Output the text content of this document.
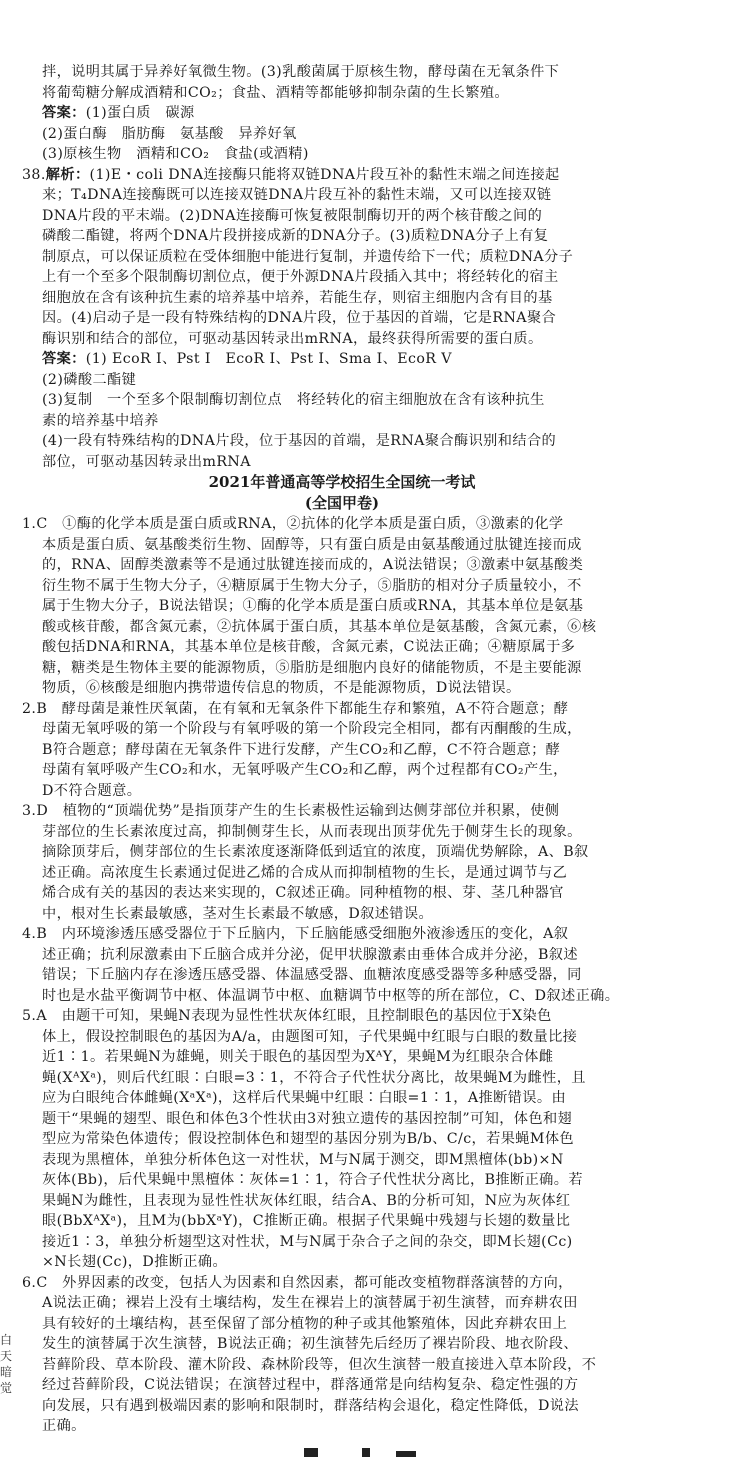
拌，说明其属于异养好氧微生物。(3)乳酸菌属于原核生物，酵母菌在无氧条件下
将葡萄糖分解成酒精和CO₂；食盐、酒精等都能够抑制杂菌的生长繁殖。
答案：(1)蛋白质　碳源
(2)蛋白酶　脂肪酶　氨基酸　异养好氧
(3)原核生物　酒精和CO₂　食盐(或酒精)
38.解析：(1)E・coli DNA连接酶只能将双链DNA片段互补的黏性末端之间连接起
来；T₄DNA连接酶既可以连接双链DNA片段互补的黏性末端，又可以连接双链
DNA片段的平末端。(2)DNA连接酶可恢复被限制酶切开的两个核苷酸之间的
磷酸二酯键，将两个DNA片段拼接成新的DNA分子。(3)质粒DNA分子上有复
制原点，可以保证质粒在受体细胞中能进行复制，并遗传给下一代；质粒DNA分子
上有一个至多个限制酶切割位点，便于外源DNA片段插入其中；将经转化的宿主
细胞放在含有该种抗生素的培养基中培养，若能生存，则宿主细胞内含有目的基
因。(4)启动子是一段有特殊结构的DNA片段，位于基因的首端，它是RNA聚合
酶识别和结合的部位，可驱动基因转录出mRNA，最终获得所需要的蛋白质。
答案：(1) EcoR Ⅰ、Pst Ⅰ　EcoR Ⅰ、Pst Ⅰ、Sma Ⅰ、EcoR Ⅴ
(2)磷酸二酯键
(3)复制　一个至多个限制酶切割位点　将经转化的宿主细胞放在含有该种抗生
素的培养基中培养
(4)一段有特殊结构的DNA片段，位于基因的首端，是RNA聚合酶识别和结合的
部位，可驱动基因转录出mRNA
2021年普通高等学校招生全国统一考试
(全国甲卷)
1.C　①酶的化学本质是蛋白质或RNA，②抗体的化学本质是蛋白质，③激素的化学
本质是蛋白质、氨基酸类衍生物、固醇等，只有蛋白质是由氨基酸通过肽键连接而成
的，RNA、固醇类激素等不是通过肽键连接而成的，A说法错误；③激素中氨基酸类
衍生物不属于生物大分子，④糖原属于生物大分子，⑤脂肪的相对分子质量较小，不
属于生物大分子，B说法错误；①酶的化学本质是蛋白质或RNA，其基本单位是氨基
酸或核苷酸，都含氮元素，②抗体属于蛋白质，其基本单位是氨基酸，含氮元素，⑥核
酸包括DNA和RNA，其基本单位是核苷酸，含氮元素，C说法正确；④糖原属于多
糖，糖类是生物体主要的能源物质，⑤脂肪是细胞内良好的储能物质，不是主要能源
物质，⑥核酸是细胞内携带遗传信息的物质，不是能源物质，D说法错误。
2.B　酵母菌是兼性厌氧菌，在有氧和无氧条件下都能生存和繁殖，A不符合题意；酵
母菌无氧呼吸的第一个阶段与有氧呼吸的第一个阶段完全相同，都有丙酮酸的生成，
B符合题意；酵母菌在无氧条件下进行发酵，产生CO₂和乙醇，C不符合题意；酵
母菌有氧呼吸产生CO₂和水，无氧呼吸产生CO₂和乙醇，两个过程都有CO₂产生，
D不符合题意。
3.D　植物的“顶端优势”是指顶芽产生的生长素极性运输到达侧芽部位并积累，使侧
芽部位的生长素浓度过高，抑制侧芽生长，从而表现出顶芽优先于侧芽生长的现象。
摘除顶芽后，侧芽部位的生长素浓度逐渐降低到适宜的浓度，顶端优势解除，A、B叙
述正确。高浓度生长素通过促进乙烯的合成从而抑制植物的生长，是通过调节与乙
烯合成有关的基因的表达来实现的，C叙述正确。同种植物的根、芽、茎几种器官
中，根对生长素最敏感，茎对生长素最不敏感，D叙述错误。
4.B　内环境渗透压感受器位于下丘脑内，下丘脑能感受细胞外液渗透压的变化，A叙
述正确；抗利尿激素由下丘脑合成并分泌，促甲状腺激素由垂体合成并分泌，B叙述
错误；下丘脑内存在渗透压感受器、体温感受器、血糖浓度感受器等多种感受器，同
时也是水盐平衡调节中枢、体温调节中枢、血糖调节中枢等的所在部位，C、D叙述正确。
5.A　由题干可知，果蝇N表现为显性性状灰体红眼，且控制眼色的基因位于X染色
体上，假设控制眼色的基因为A/a，由题图可知，子代果蝇中红眼与白眼的数量比接
近1∶1。若果蝇N为雄蝇，则关于眼色的基因型为XᴬY，果蝇M为红眼杂合体雌
蝇(XᴬXᵃ)，则后代红眼∶白眼=3∶1，不符合子代性状分离比，故果蝇M为雌性，且
应为白眼纯合体雌蝇(XᵃXᵃ)，这样后代果蝇中红眼∶白眼=1∶1，A推断错误。由
题干“果蝇的翅型、眼色和体色3个性状由3对独立遗传的基因控制”可知，体色和翅
型应为常染色体遗传；假设控制体色和翅型的基因分别为B/b、C/c，若果蝇M体色
表现为黑檀体，单独分析体色这一对性状，M与N属于测交，即M黑檀体(bb)×N
灰体(Bb)，后代果蝇中黑檀体∶灰体=1∶1，符合子代性状分离比，B推断正确。若
果蝇N为雌性，且表现为显性性状灰体红眼，结合A、B的分析可知，N应为灰体红
眼(BbXᴬXᵃ)，且M为(bbXᵃY)，C推断正确。根据子代果蝇中残翅与长翅的数量比
接近1∶3，单独分析翅型这对性状，M与N属于杂合子之间的杂交，即M长翅(Cc)
×N长翅(Cc)，D推断正确。
6.C　外界因素的改变，包括人为因素和自然因素，都可能改变植物群落演替的方向，
A说法正确；裸岩上没有土壤结构，发生在裸岩上的演替属于初生演替，而弃耕农田
具有较好的土壤结构，甚至保留了部分植物的种子或其他繁殖体，因此弃耕农田上
发生的演替属于次生演替，B说法正确；初生演替先后经历了裸岩阶段、地衣阶段、
苔藓阶段、草本阶段、灌木阶段、森林阶段等，但次生演替一般直接进入草本阶段，不
经过苔藓阶段，C说法错误；在演替过程中，群落通常是向结构复杂、稳定性强的方
向发展，只有遇到极端因素的影响和限制时，群落结构会退化，稳定性降低，D说法
正确。
白
天
暗
觉
